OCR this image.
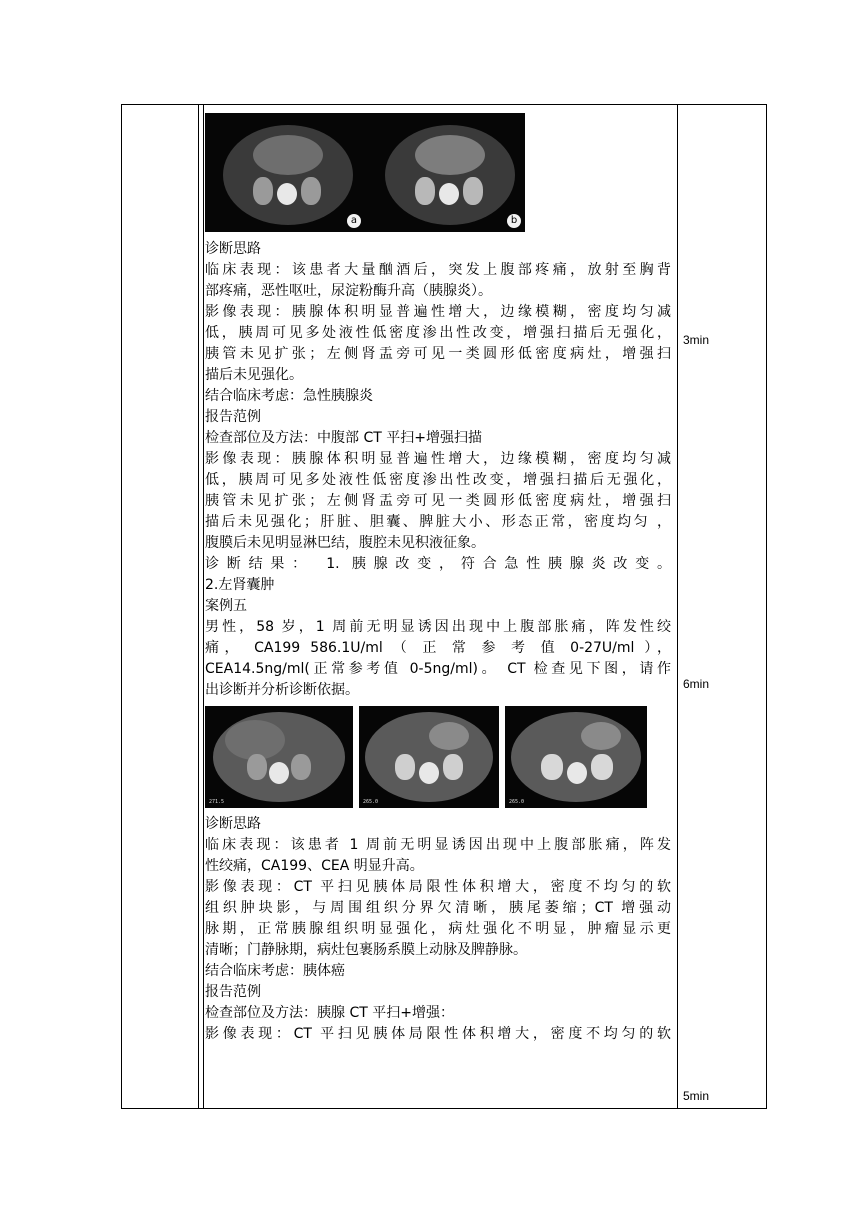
a	b
诊断思路
临床表现：该患者大量酗酒后，突发上腹部疼痛，放射至胸背
部疼痛，恶性呕吐，尿淀粉酶升高（胰腺炎）。
影像表现：胰腺体积明显普遍性增大，边缘模糊，密度均匀减
低，胰周可见多处液性低密度渗出性改变，增强扫描后无强化，
胰管未见扩张；左侧肾盂旁可见一类圆形低密度病灶，增强扫
描后未见强化。
结合临床考虑：急性胰腺炎
报告范例
检查部位及方法：中腹部 CT 平扫+增强扫描
影像表现：胰腺体积明显普遍性增大，边缘模糊，密度均匀减
低，胰周可见多处液性低密度渗出性改变，增强扫描后无强化，
胰管未见扩张；左侧肾盂旁可见一类圆形低密度病灶，增强扫
描后未见强化；肝脏、胆囊、脾脏大小、形态正常，密度均匀 ，
腹膜后未见明显淋巴结，腹腔未见积液征象。
诊断结果： 1. 胰腺改变，符合急性胰腺炎改变。
2.左肾囊肿
案例五
男性，58 岁，1 周前无明显诱因出现中上腹部胀痛，阵发性绞
痛， CA199 586.1U/ml （ 正 常 参 考 值 0-27U/ml ），
CEA14.5ng/ml(正常参考值 0-5ng/ml)。 CT 检查见下图，请作
出诊断并分析诊断依据。
271.5	265.0	265.0
诊断思路
临床表现：该患者 1 周前无明显诱因出现中上腹部胀痛，阵发
性绞痛，CA199、CEA 明显升高。
影像表现：CT 平扫见胰体局限性体积增大，密度不均匀的软
组织肿块影，与周围组织分界欠清晰，胰尾萎缩；CT 增强动
脉期，正常胰腺组织明显强化，病灶强化不明显，肿瘤显示更
清晰；门静脉期，病灶包裹肠系膜上动脉及脾静脉。
结合临床考虑：胰体癌
报告范例
检查部位及方法：胰腺 CT 平扫+增强：
影像表现：CT 平扫见胰体局限性体积增大，密度不均匀的软
3min
6min
5min
